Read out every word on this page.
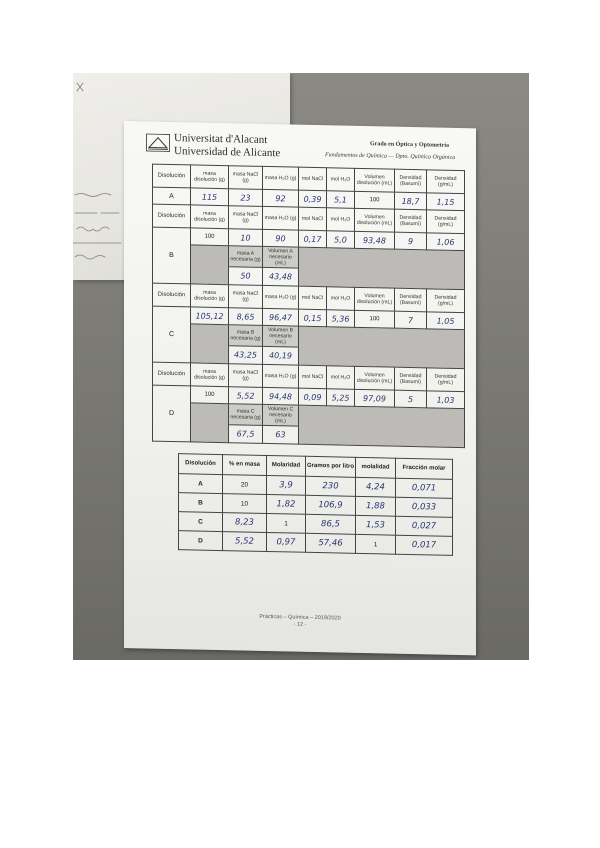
Universitat d'Alacant
Universidad de Alicante
Grado en Óptica y Optometría
Fundamentos de Química — Dpto. Química Orgánica
Disolución	masa disolución (g)	masa NaCl (g)	masa H₂O (g)	mol NaCl	mol H₂O	Volumen disolución (mL)	Densidad (Basumí)	Densidad (g/mL)
A	115	23	92	0,39	5,1	100	18,7	1,15
Disolución	masa disolución (g)	masa NaCl (g)	masa H₂O (g)	mol NaCl	mol H₂O	Volumen disolución (mL)	Densidad (Basumí)	Densidad (g/mL)
B	100	10	90	0,17	5,0	93,48	9	1,06
		masa A necesaria (g)	Volumen A necesario (mL)					
		50	43,48					
Disolución	masa disolución (g)	masa NaCl (g)	masa H₂O (g)	mol NaCl	mol H₂O	Volumen disolución (mL)	Densidad (Basumí)	Densidad (g/mL)
C	105,12	8,65	96,47	0,15	5,36	100	7	1,05
		masa B necesaria (g)	Volumen B necesario (mL)					
		43,25	40,19					
Disolución	masa disolución (g)	masa NaCl (g)	masa H₂O (g)	mol NaCl	mol H₂O	Volumen disolución (mL)	Densidad (Basumí)	Densidad (g/mL)
D	100	5,52	94,48	0,09	5,25	97,09	5	1,03
		masa C necesaria (g)	Volumen C necesario (mL)					
		67,5	63					
Disolución	% en masa	Molaridad	Gramos por litro	molalidad	Fracción molar
A	20	3,9	230	4,24	0,071
B	10	1,82	106,9	1,88	0,033
C	8,23	1	86,5	1,53	0,027
D	5,52	0,97	57,46	1	0,017
Prácticas – Química – 2019/2020
- 12 -
